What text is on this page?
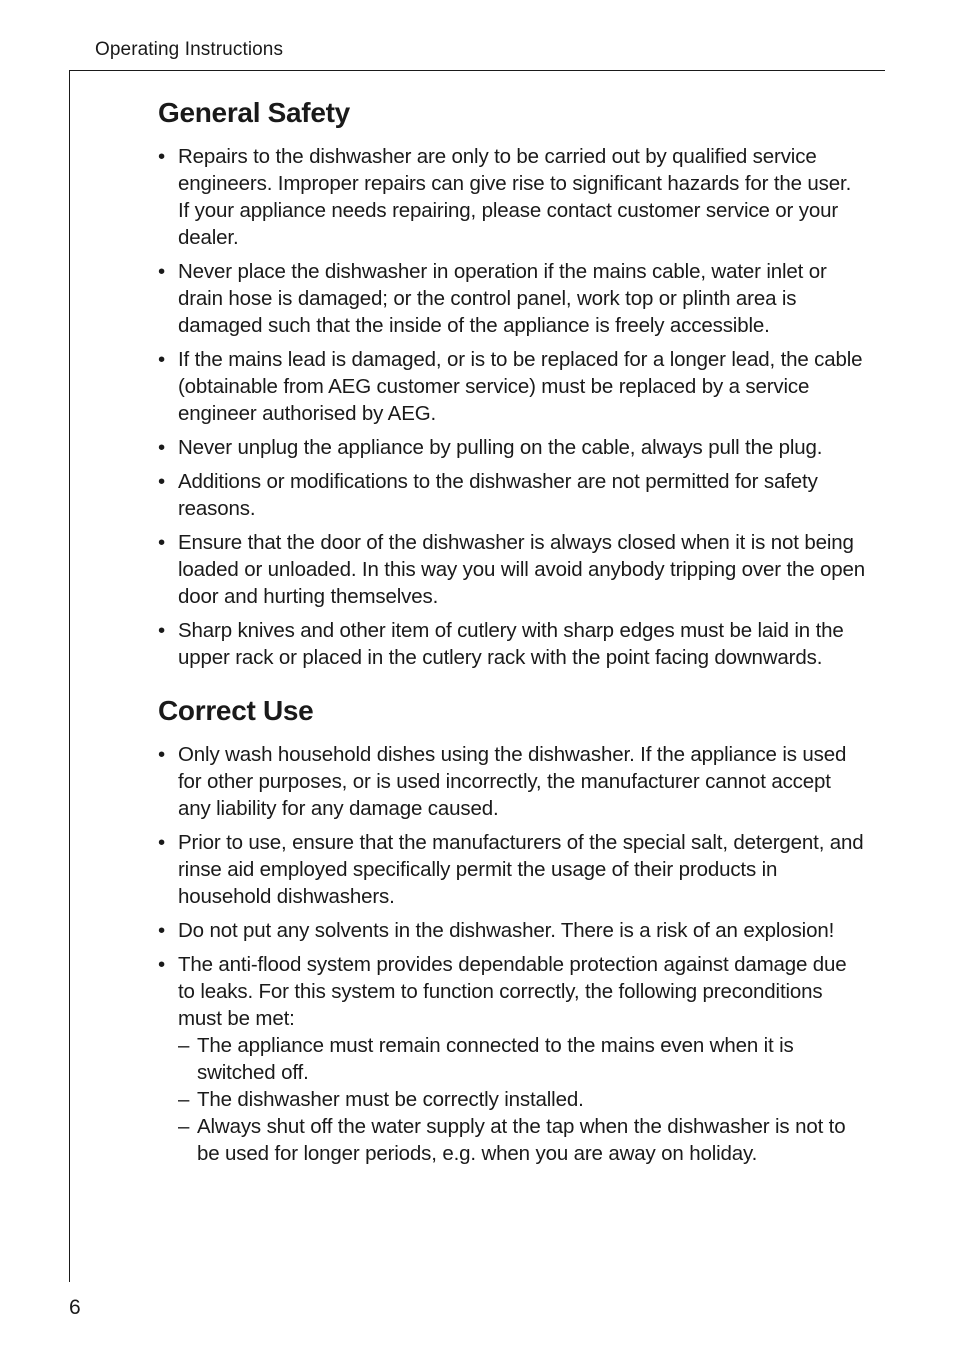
Operating Instructions
General Safety
• Repairs to the dishwasher are only to be carried out by qualified service engineers. Improper repairs can give rise to significant hazards for the user. If your appliance needs repairing, please contact customer service or your dealer.
• Never place the dishwasher in operation if the mains cable, water inlet or drain hose is damaged; or the control panel, work top or plinth area is damaged such that the inside of the appliance is freely accessible.
• If the mains lead is damaged, or is to be replaced for a longer lead, the cable (obtainable from AEG customer service) must be replaced by a service engineer authorised by AEG.
• Never unplug the appliance by pulling on the cable, always pull the plug.
• Additions or modifications to the dishwasher are not permitted for safety reasons.
• Ensure that the door of the dishwasher is always closed when it is not being loaded or unloaded. In this way you will avoid anybody tripping over the open door and hurting themselves.
• Sharp knives and other item of cutlery with sharp edges must be laid in the upper rack or placed in the cutlery rack with the point facing downwards.
Correct Use
• Only wash household dishes using the dishwasher. If the appliance is used for other purposes, or is used incorrectly, the manufacturer cannot accept any liability for any damage caused.
• Prior to use, ensure that the manufacturers of the special salt, detergent, and rinse aid employed specifically permit the usage of their products in household dishwashers.
• Do not put any solvents in the dishwasher. There is a risk of an explosion!
• The anti-flood system provides dependable protection against damage due to leaks. For this system to function correctly, the following preconditions must be met:
– The appliance must remain connected to the mains even when it is switched off.
– The dishwasher must be correctly installed.
– Always shut off the water supply at the tap when the dishwasher is not to be used for longer periods, e.g. when you are away on holiday.
6
